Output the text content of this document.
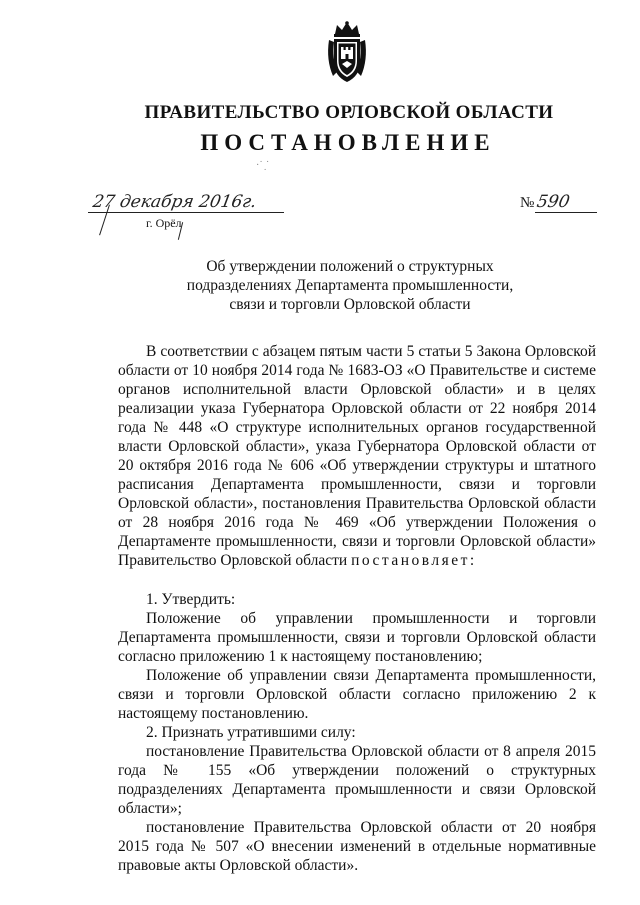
ПРАВИТЕЛЬСТВО ОРЛОВСКОЙ ОБЛАСТИ
ПОСТАНОВЛЕНИЕ
·˙ ̣ ̇
27 декабря 2016г.
г. Орёл
№ 590
Об утверждении положений о структурных
подразделениях Департамента промышленности,
связи и торговли Орловской области

В соответствии с абзацем пятым части 5 статьи 5 Закона Орловской области от 10 ноября 2014 года № 1683-ОЗ «О Правительстве и системе органов исполнительной власти Орловской области» и в целях реализации указа Губернатора Орловской области от 22 ноября 2014 года № 448 «О структуре исполнительных органов государственной власти Орловской области», указа Губернатора Орловской области от 20 октября 2016 года № 606 «Об утверждении структуры и штатного расписания Департамента промышленности, связи и торговли Орловской области», постановления Правительства Орловской области от 28 ноября 2016 года № 469 «Об утверждении Положения о Департаменте промышленности, связи и торговли Орловской области» Правительство Орловской области постановляет:

1. Утвердить:

Положение об управлении промышленности и торговли Департамента промышленности, связи и торговли Орловской области согласно приложению 1 к настоящему постановлению;

Положение об управлении связи Департамента промышленности, связи и торговли Орловской области согласно приложению 2 к настоящему постановлению.

2. Признать утратившими силу:

постановление Правительства Орловской области от 8 апреля 2015 года № 155 «Об утверждении положений о структурных подразделениях Департамента промышленности и связи Орловской области»;

постановление Правительства Орловской области от 20 ноября 2015 года № 507 «О внесении изменений в отдельные нормативные правовые акты Орловской области».
